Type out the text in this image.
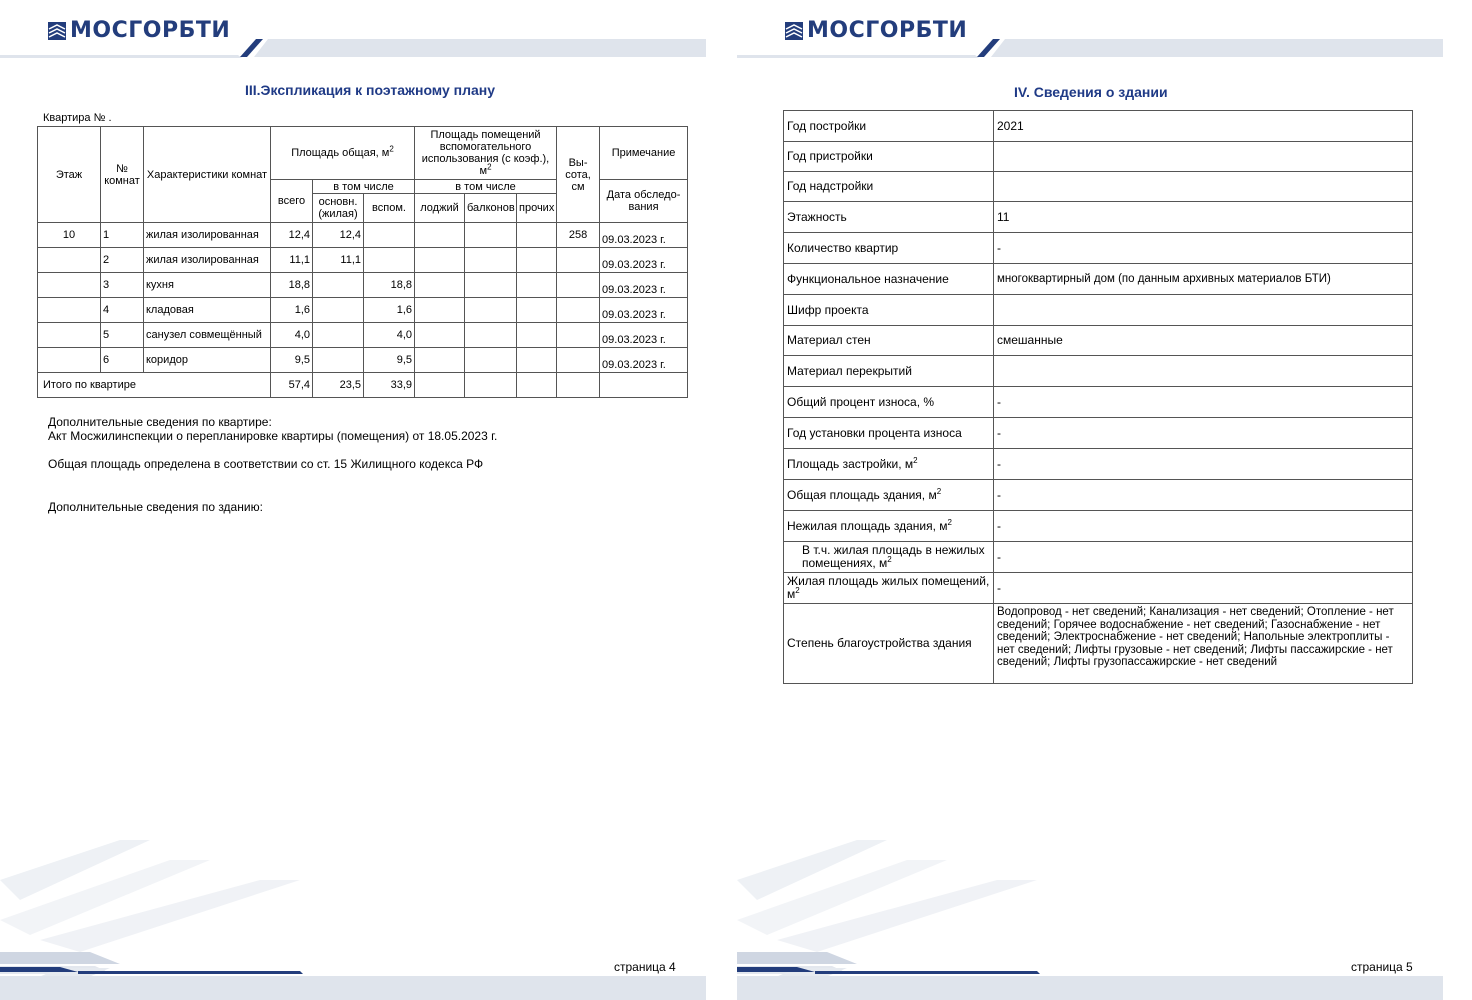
МОСГОРБТИ
III.Экспликация к поэтажному плану
Квартира № .
Этаж	№ комнат	Характеристики комнат	Площадь общая, $м^2$			Площадь помещений вспомогательного использования (с коэф.), $м^2$			Вы-сота, см	Примечание
			всего	в том числе		в том числе				Дата обследо-вания
				основн. (жилая)	вспом.	лоджий	балконов	прочих		
10	1	жилая изолированная	12,4	12,4					258	09.03.2023 г.
	2	жилая изолированная	11,1	11,1						09.03.2023 г.
	3	кухня	18,8		18,8					09.03.2023 г.
	4	кладовая	1,6		1,6					09.03.2023 г.
	5	санузел совмещённый	4,0		4,0					09.03.2023 г.
	6	коридор	9,5		9,5					09.03.2023 г.
Итого по квартире			57,4	23,5	33,9					
Дополнительные сведения по квартире:
Акт Мосжилинспекции о перепланировке квартиры (помещения) от 18.05.2023 г.
Общая площадь определена в соответствии со ст. 15 Жилищного кодекса РФ
Дополнительные сведения по зданию:
страница 4
МОСГОРБТИ
IV. Сведения о здании
Год постройки	2021
Год пристройки	
Год надстройки	
Этажность	11
Количество квартир	-
Функциональное назначение	многоквартирный дом (по данным архивных материалов БТИ)
Шифр проекта	
Материал стен	смешанные
Материал перекрытий	
Общий процент износа, %	-
Год установки процента износа	-
Площадь застройки, $м^2$	-
Общая площадь здания, $м^2$	-
Нежилая площадь здания, $м^2$	-
В т.ч. жилая площадь в нежилых помещениях, $м^2$	-
Жилая площадь жилых помещений, $м^2$	-
Степень благоустройства здания	Водопровод - нет сведений; Канализация - нет сведений; Отопление - нет сведений; Горячее водоснабжение - нет сведений; Газоснабжение - нет сведений; Электроснабжение - нет сведений; Напольные электроплиты - нет сведений; Лифты грузовые - нет сведений; Лифты пассажирские - нет сведений; Лифты грузопассажирские - нет сведений
страница 5
